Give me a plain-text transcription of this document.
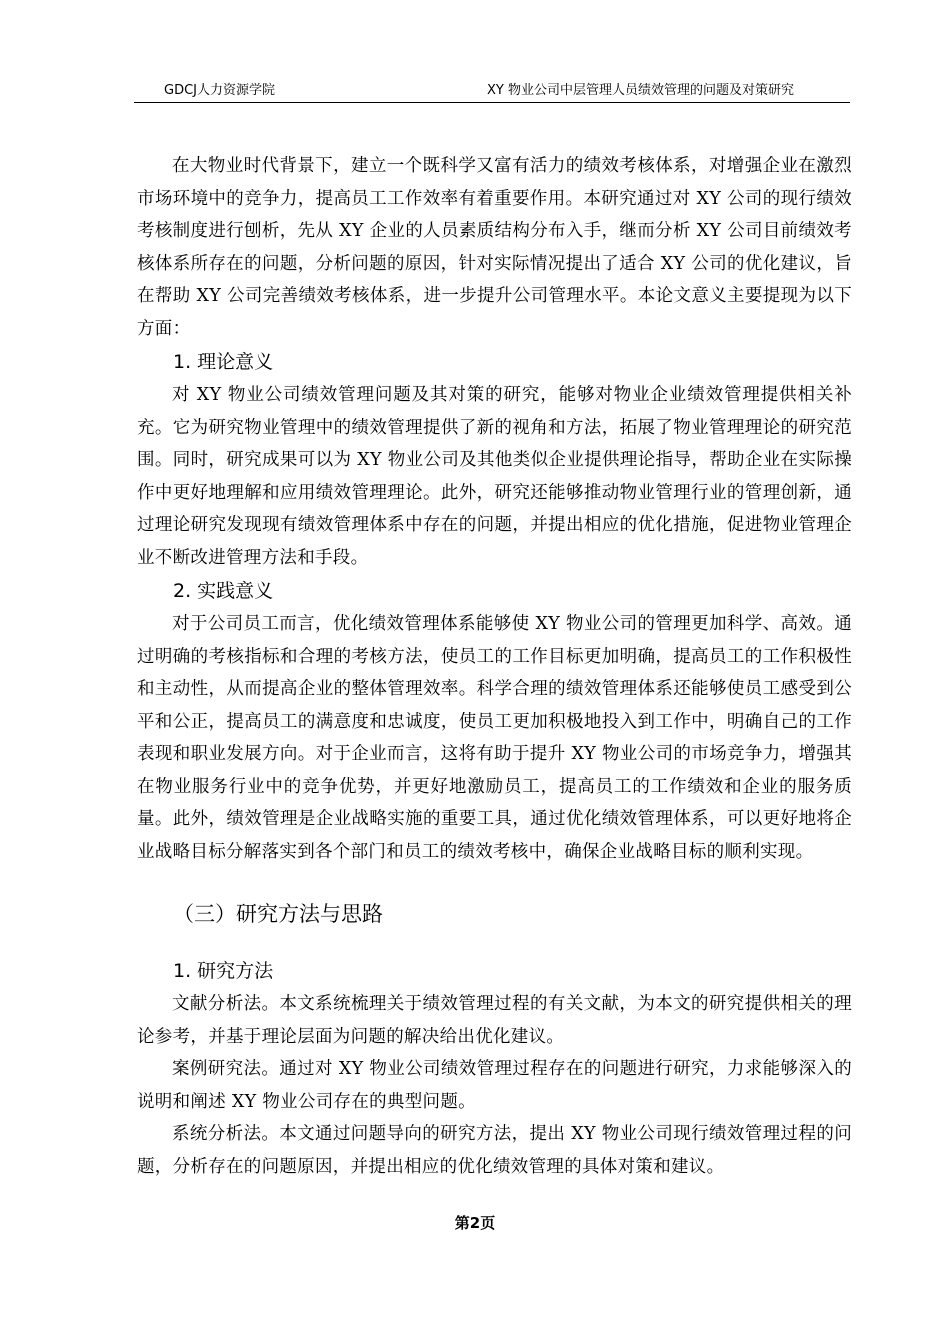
GDCJ人力资源学院	XY 物业公司中层管理人员绩效管理的问题及对策研究

在大物业时代背景下，建立一个既科学又富有活力的绩效考核体系，对增强企业在激烈市场环境中的竞争力，提高员工工作效率有着重要作用。本研究通过对 XY 公司的现行绩效考核制度进行刨析，先从 XY 企业的人员素质结构分布入手，继而分析 XY 公司目前绩效考核体系所存在的问题，分析问题的原因，针对实际情况提出了适合 XY 公司的优化建议，旨在帮助 XY 公司完善绩效考核体系，进一步提升公司管理水平。本论文意义主要提现为以下方面：

1. 理论意义

对 XY 物业公司绩效管理问题及其对策的研究，能够对物业企业绩效管理提供相关补充。它为研究物业管理中的绩效管理提供了新的视角和方法，拓展了物业管理理论的研究范围。同时，研究成果可以为 XY 物业公司及其他类似企业提供理论指导，帮助企业在实际操作中更好地理解和应用绩效管理理论。此外，研究还能够推动物业管理行业的管理创新，通过理论研究发现现有绩效管理体系中存在的问题，并提出相应的优化措施，促进物业管理企业不断改进管理方法和手段。

2. 实践意义

对于公司员工而言，优化绩效管理体系能够使 XY 物业公司的管理更加科学、高效。通过明确的考核指标和合理的考核方法，使员工的工作目标更加明确，提高员工的工作积极性和主动性，从而提高企业的整体管理效率。科学合理的绩效管理体系还能够使员工感受到公平和公正，提高员工的满意度和忠诚度，使员工更加积极地投入到工作中，明确自己的工作表现和职业发展方向。对于企业而言，这将有助于提升 XY 物业公司的市场竞争力，增强其在物业服务行业中的竞争优势，并更好地激励员工，提高员工的工作绩效和企业的服务质量。此外，绩效管理是企业战略实施的重要工具，通过优化绩效管理体系，可以更好地将企业战略目标分解落实到各个部门和员工的绩效考核中，确保企业战略目标的顺利实现。

（三）研究方法与思路
1. 研究方法

文献分析法。本文系统梳理关于绩效管理过程的有关文献，为本文的研究提供相关的理论参考，并基于理论层面为问题的解决给出优化建议。

案例研究法。通过对 XY 物业公司绩效管理过程存在的问题进行研究，力求能够深入的说明和阐述 XY 物业公司存在的典型问题。

系统分析法。本文通过问题导向的研究方法，提出 XY 物业公司现行绩效管理过程的问题，分析存在的问题原因，并提出相应的优化绩效管理的具体对策和建议。

第2页
